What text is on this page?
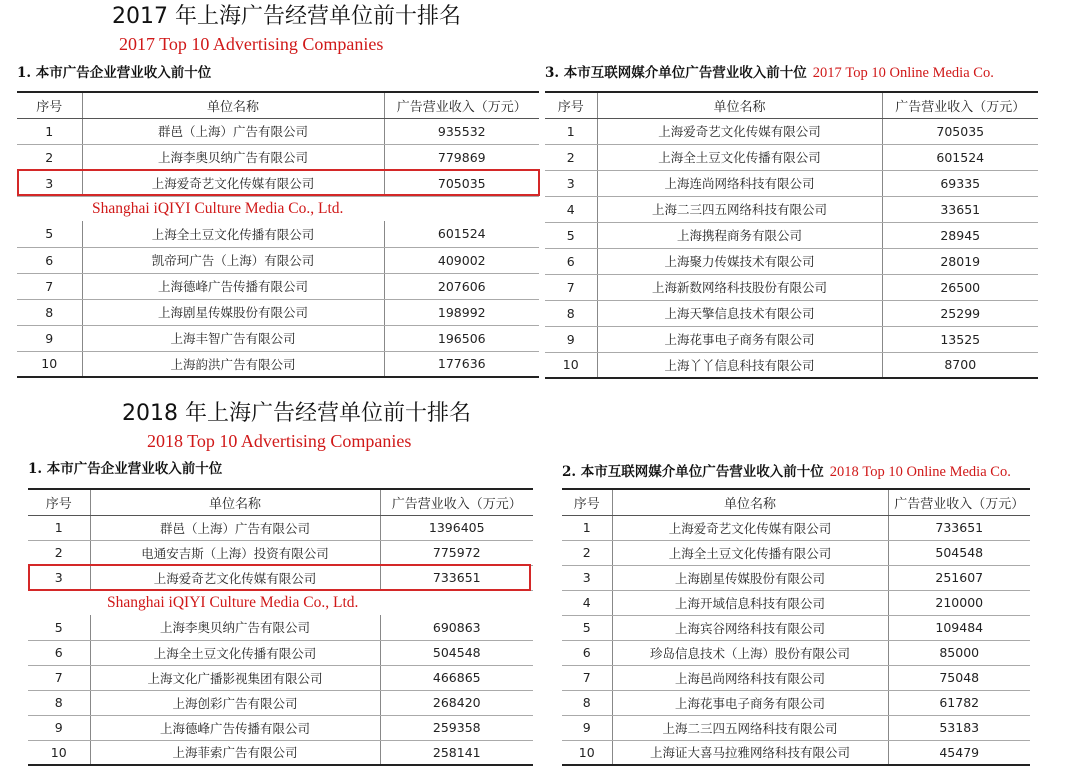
2017 年上海广告经营单位前十排名
2017 Top 10 Advertising Companies
1. 本市广告企业营业收入前十位
序号	单位名称	广告营业收入（万元）
1	群邑（上海）广告有限公司	935532
2	上海李奥贝纳广告有限公司	779869
3	上海爱奇艺文化传媒有限公司	705035
Shanghai iQIYI Culture Media Co., Ltd.		
5	上海全土豆文化传播有限公司	601524
6	凯帝珂广告（上海）有限公司	409002
7	上海德峰广告传播有限公司	207606
8	上海剧星传媒股份有限公司	198992
9	上海丰智广告有限公司	196506
10	上海韵洪广告有限公司	177636
3. 本市互联网媒介单位广告营业收入前十位 2017 Top 10 Online Media Co.
序号	单位名称	广告营业收入（万元）
1	上海爱奇艺文化传媒有限公司	705035
2	上海全土豆文化传播有限公司	601524
3	上海连尚网络科技有限公司	69335
4	上海二三四五网络科技有限公司	33651
5	上海携程商务有限公司	28945
6	上海聚力传媒技术有限公司	28019
7	上海新数网络科技股份有限公司	26500
8	上海天擎信息技术有限公司	25299
9	上海花事电子商务有限公司	13525
10	上海丫丫信息科技有限公司	8700
2018 年上海广告经营单位前十排名
2018 Top 10 Advertising Companies
1. 本市广告企业营业收入前十位
序号	单位名称	广告营业收入（万元）
1	群邑（上海）广告有限公司	1396405
2	电通安吉斯（上海）投资有限公司	775972
3	上海爱奇艺文化传媒有限公司	733651
Shanghai iQIYI Culture Media Co., Ltd.		
5	上海李奥贝纳广告有限公司	690863
6	上海全土豆文化传播有限公司	504548
7	上海文化广播影视集团有限公司	466865
8	上海创彩广告有限公司	268420
9	上海德峰广告传播有限公司	259358
10	上海菲索广告有限公司	258141
2. 本市互联网媒介单位广告营业收入前十位 2018 Top 10 Online Media Co.
序号	单位名称	广告营业收入（万元）
1	上海爱奇艺文化传媒有限公司	733651
2	上海全土豆文化传播有限公司	504548
3	上海剧星传媒股份有限公司	251607
4	上海开域信息科技有限公司	210000
5	上海宾谷网络科技有限公司	109484
6	珍岛信息技术（上海）股份有限公司	85000
7	上海邑尚网络科技有限公司	75048
8	上海花事电子商务有限公司	61782
9	上海二三四五网络科技有限公司	53183
10	上海证大喜马拉雅网络科技有限公司	45479
